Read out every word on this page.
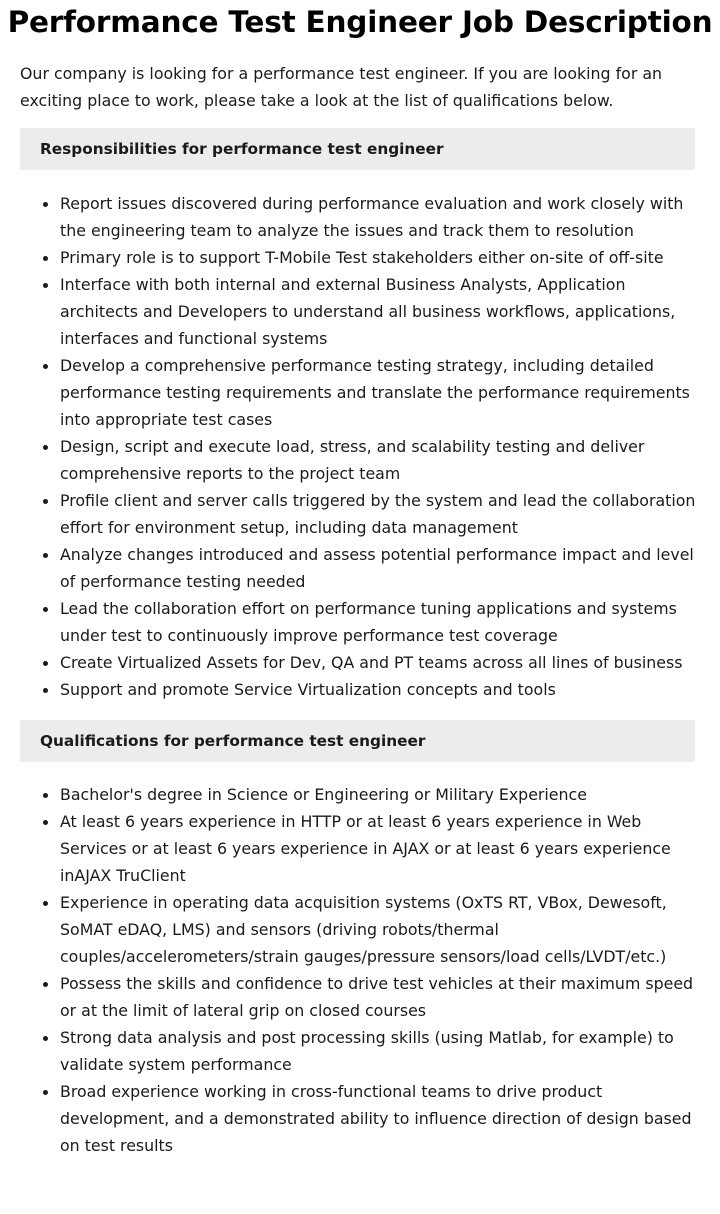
Performance Test Engineer Job Description

Our company is looking for a performance test engineer. If you are looking for an exciting place to work, please take a look at the list of qualifications below.

Responsibilities for performance test engineer
Report issues discovered during performance evaluation and work closely with the engineering team to analyze the issues and track them to resolution
Primary role is to support T-Mobile Test stakeholders either on-site of off-site
Interface with both internal and external Business Analysts, Application architects and Developers to understand all business workflows, applications, interfaces and functional systems
Develop a comprehensive performance testing strategy, including detailed performance testing requirements and translate the performance requirements into appropriate test cases
Design, script and execute load, stress, and scalability testing and deliver comprehensive reports to the project team
Profile client and server calls triggered by the system and lead the collaboration effort for environment setup, including data management
Analyze changes introduced and assess potential performance impact and level of performance testing needed
Lead the collaboration effort on performance tuning applications and systems under test to continuously improve performance test coverage
Create Virtualized Assets for Dev, QA and PT teams across all lines of business
Support and promote Service Virtualization concepts and tools
Qualifications for performance test engineer
Bachelor's degree in Science or Engineering or Military Experience
At least 6 years experience in HTTP or at least 6 years experience in Web Services or at least 6 years experience in AJAX or at least 6 years experience inAJAX TruClient
Experience in operating data acquisition systems (OxTS RT, VBox, Dewesoft, SoMAT eDAQ, LMS) and sensors (driving robots/thermal couples/accelerometers/strain gauges/pressure sensors/load cells/LVDT/etc.)
Possess the skills and confidence to drive test vehicles at their maximum speed or at the limit of lateral grip on closed courses
Strong data analysis and post processing skills (using Matlab, for example) to validate system performance
Broad experience working in cross-functional teams to drive product development, and a demonstrated ability to influence direction of design based on test results
